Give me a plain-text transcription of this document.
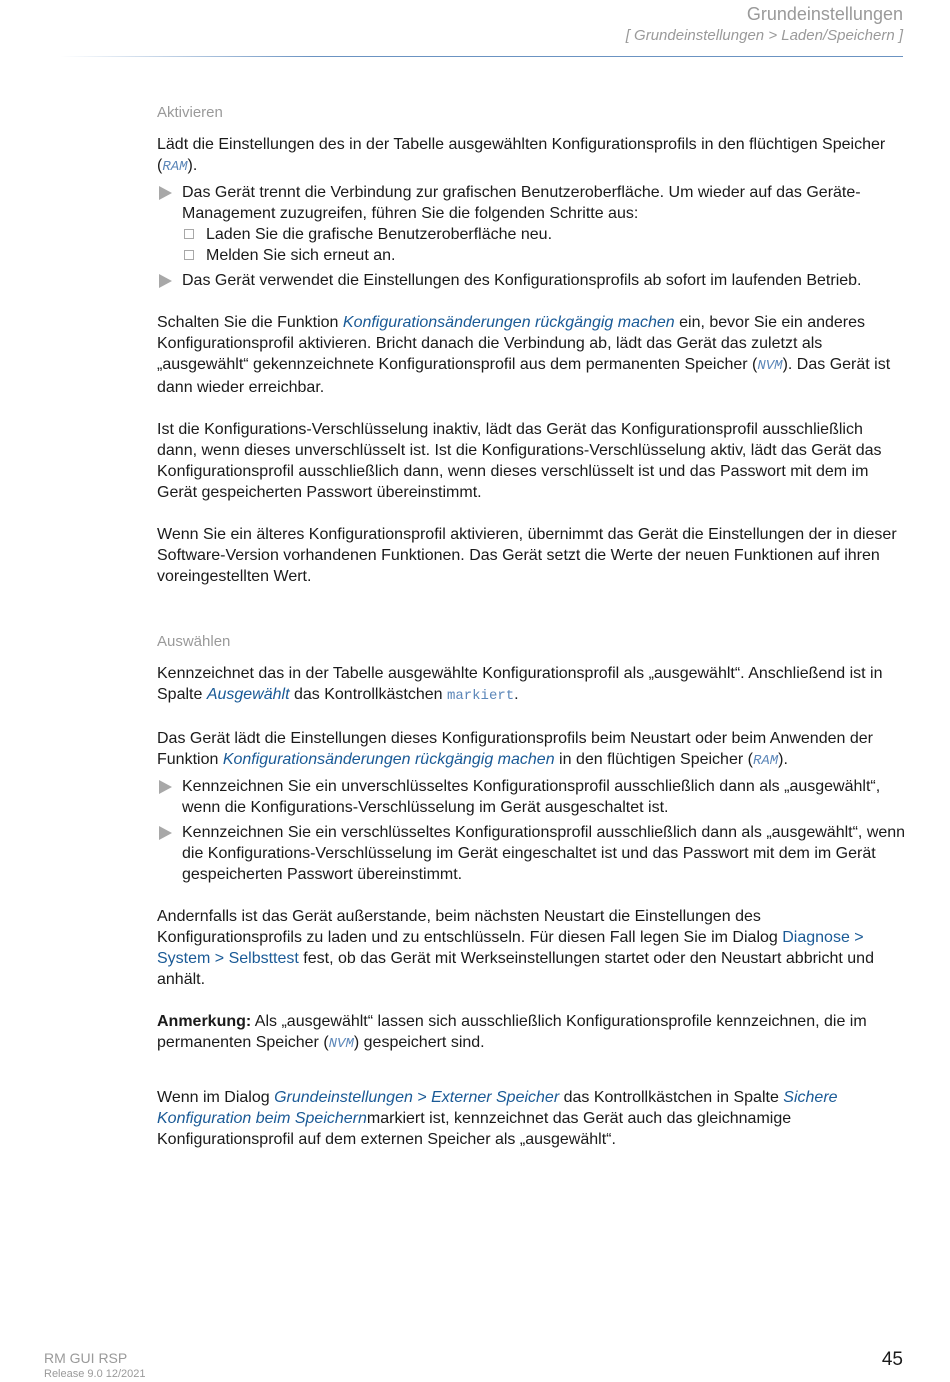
Grundeinstellungen
[ Grundeinstellungen > Laden/Speichern ]
Aktivieren

Lädt die Einstellungen des in der Tabelle ausgewählten Konfigurationsprofils in den flüchtigen Speicher (RAM).

Das Gerät trennt die Verbindung zur grafischen Benutzeroberfläche. Um wieder auf das Geräte-Management zuzugreifen, führen Sie die folgenden Schritte aus:
Laden Sie die grafische Benutzeroberfläche neu.
Melden Sie sich erneut an.
Das Gerät verwendet die Einstellungen des Konfigurationsprofils ab sofort im laufenden Betrieb.

Schalten Sie die Funktion Konfigurationsänderungen rückgängig machen ein, bevor Sie ein anderes Konfigurationsprofil aktivieren. Bricht danach die Verbindung ab, lädt das Gerät das zuletzt als „ausgewählt“ gekennzeichnete Konfigurationsprofil aus dem permanenten Speicher (NVM). Das Gerät ist dann wieder erreichbar.

Ist die Konfigurations-Verschlüsselung inaktiv, lädt das Gerät das Konfigurationsprofil ausschließlich dann, wenn dieses unverschlüsselt ist. Ist die Konfigurations-Verschlüsselung aktiv, lädt das Gerät das Konfigurationsprofil ausschließlich dann, wenn dieses verschlüsselt ist und das Passwort mit dem im Gerät gespeicherten Passwort übereinstimmt.

Wenn Sie ein älteres Konfigurationsprofil aktivieren, übernimmt das Gerät die Einstellungen der in dieser Software-Version vorhandenen Funktionen. Das Gerät setzt die Werte der neuen Funktionen auf ihren voreingestellten Wert.

Auswählen

Kennzeichnet das in der Tabelle ausgewählte Konfigurationsprofil als „ausgewählt“. Anschließend ist in Spalte Ausgewählt das Kontrollkästchen markiert.

Das Gerät lädt die Einstellungen dieses Konfigurationsprofils beim Neustart oder beim Anwenden der Funktion Konfigurationsänderungen rückgängig machen in den flüchtigen Speicher (RAM).

Kennzeichnen Sie ein unverschlüsseltes Konfigurationsprofil ausschließlich dann als „ausgewählt“, wenn die Konfigurations-Verschlüsselung im Gerät ausgeschaltet ist.
Kennzeichnen Sie ein verschlüsseltes Konfigurationsprofil ausschließlich dann als „ausgewählt“, wenn die Konfigurations-Verschlüsselung im Gerät eingeschaltet ist und das Passwort mit dem im Gerät gespeicherten Passwort übereinstimmt.

Andernfalls ist das Gerät außerstande, beim nächsten Neustart die Einstellungen des Konfigurationsprofils zu laden und zu entschlüsseln. Für diesen Fall legen Sie im Dialog Diagnose > System > Selbsttest fest, ob das Gerät mit Werkseinstellungen startet oder den Neustart abbricht und anhält.

Anmerkung: Als „ausgewählt“ lassen sich ausschließlich Konfigurationsprofile kennzeichnen, die im permanenten Speicher (NVM) gespeichert sind.

Wenn im Dialog Grundeinstellungen > Externer Speicher das Kontrollkästchen in Spalte Sichere Konfiguration beim Speichernmarkiert ist, kennzeichnet das Gerät auch das gleichnamige Konfigurationsprofil auf dem externen Speicher als „ausgewählt“.

RM GUI RSP
Release 9.0 12/2021
45
